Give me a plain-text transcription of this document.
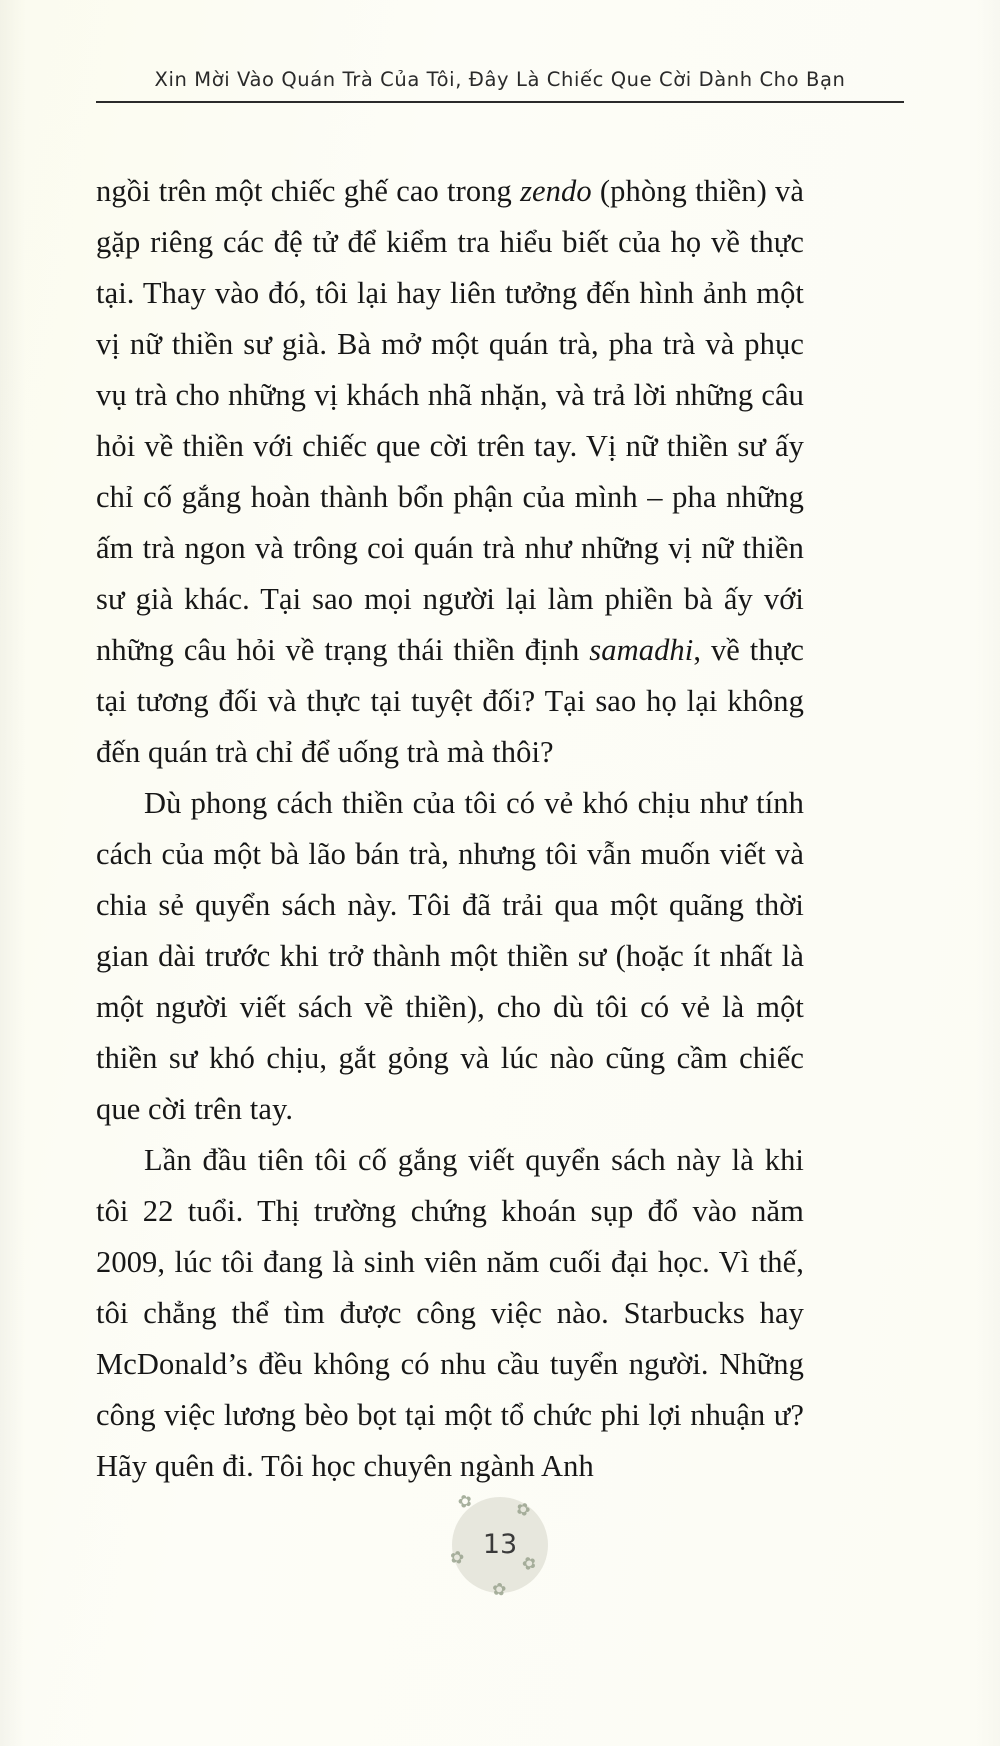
Xin Mời Vào Quán Trà Của Tôi, Đây Là Chiếc Que Cời Dành Cho Bạn

ngồi trên một chiếc ghế cao trong zendo (phòng thiền) và gặp riêng các đệ tử để kiểm tra hiểu biết của họ về thực tại. Thay vào đó, tôi lại hay liên tưởng đến hình ảnh một vị nữ thiền sư già. Bà mở một quán trà, pha trà và phục vụ trà cho những vị khách nhã nhặn, và trả lời những câu hỏi về thiền với chiếc que cời trên tay. Vị nữ thiền sư ấy chỉ cố gắng hoàn thành bổn phận của mình – pha những ấm trà ngon và trông coi quán trà như những vị nữ thiền sư già khác. Tại sao mọi người lại làm phiền bà ấy với những câu hỏi về trạng thái thiền định samadhi, về thực tại tương đối và thực tại tuyệt đối? Tại sao họ lại không đến quán trà chỉ để uống trà mà thôi?

Dù phong cách thiền của tôi có vẻ khó chịu như tính cách của một bà lão bán trà, nhưng tôi vẫn muốn viết và chia sẻ quyển sách này. Tôi đã trải qua một quãng thời gian dài trước khi trở thành một thiền sư (hoặc ít nhất là một người viết sách về thiền), cho dù tôi có vẻ là một thiền sư khó chịu, gắt gỏng và lúc nào cũng cầm chiếc que cời trên tay.

Lần đầu tiên tôi cố gắng viết quyển sách này là khi tôi 22 tuổi. Thị trường chứng khoán sụp đổ vào năm 2009, lúc tôi đang là sinh viên năm cuối đại học. Vì thế, tôi chẳng thể tìm được công việc nào. Starbucks hay McDonald’s đều không có nhu cầu tuyển người. Những công việc lương bèo bọt tại một tổ chức phi lợi nhuận ư? Hãy quên đi. Tôi học chuyên ngành Anh

✿ ✿
✿
✿
✿ 13
